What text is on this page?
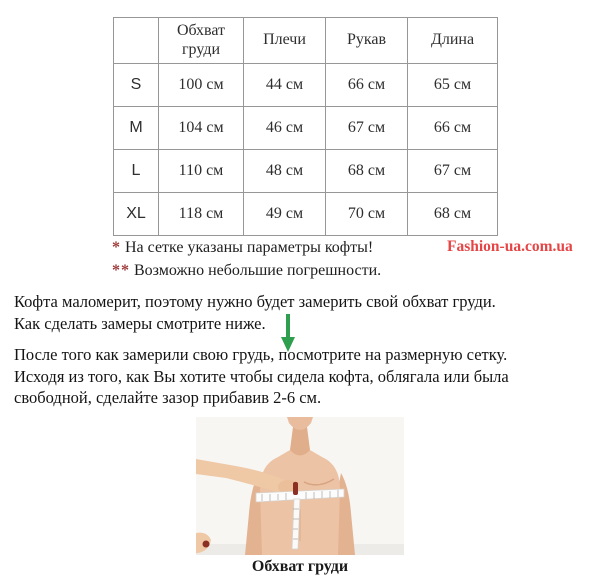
	Обхват груди	Плечи	Рукав	Длина
S	100 см	44 см	66 см	65 см
M	104 см	46 см	67 см	66 см
L	110 см	48 см	68 см	67 см
XL	118 см	49 см	70 см	68 см
* На сетке указаны параметры кофты!
** Возможно небольшие погрешности.
Fashion-ua.com.ua

Кофта маломерит, поэтому нужно будет замерить свой обхват груди.
Как сделать замеры смотрите ниже.

После того как замерили свою грудь, посмотрите на размерную сетку.
Исходя из того, как Вы хотите чтобы сидела кофта, облягала или была
свободной, сделайте зазор прибавив 2-6 см.

Обхват груди
